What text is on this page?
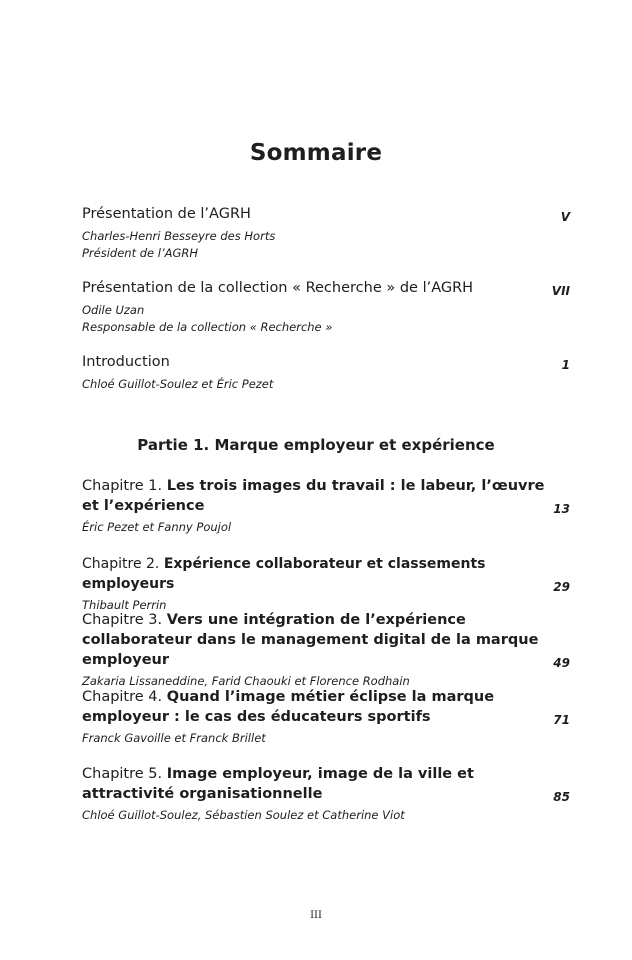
Sommaire
Présentation de l’AGRH	V
Charles-Henri Besseyre des Horts
Président de l’AGRH
Présentation de la collection « Recherche » de l’AGRH	VII
Odile Uzan
Responsable de la collection « Recherche »
Introduction	1
Chloé Guillot-Soulez et Éric Pezet
Partie 1. Marque employeur et expérience
Chapitre 1. Les trois images du travail : le labeur, l’œuvre et l’expérience	13
Éric Pezet et Fanny Poujol
Chapitre 2. Expérience collaborateur et classements employeurs	29
Thibault Perrin
Chapitre 3. Vers une intégration de l’expérience collaborateur dans le management digital de la marque employeur	49
Zakaria Lissaneddine, Farid Chaouki et Florence Rodhain
Chapitre 4. Quand l’image métier éclipse la marque employeur : le cas des éducateurs sportifs	71
Franck Gavoille et Franck Brillet
Chapitre 5. Image employeur, image de la ville et attractivité organisationnelle	85
Chloé Guillot-Soulez, Sébastien Soulez et Catherine Viot
III
